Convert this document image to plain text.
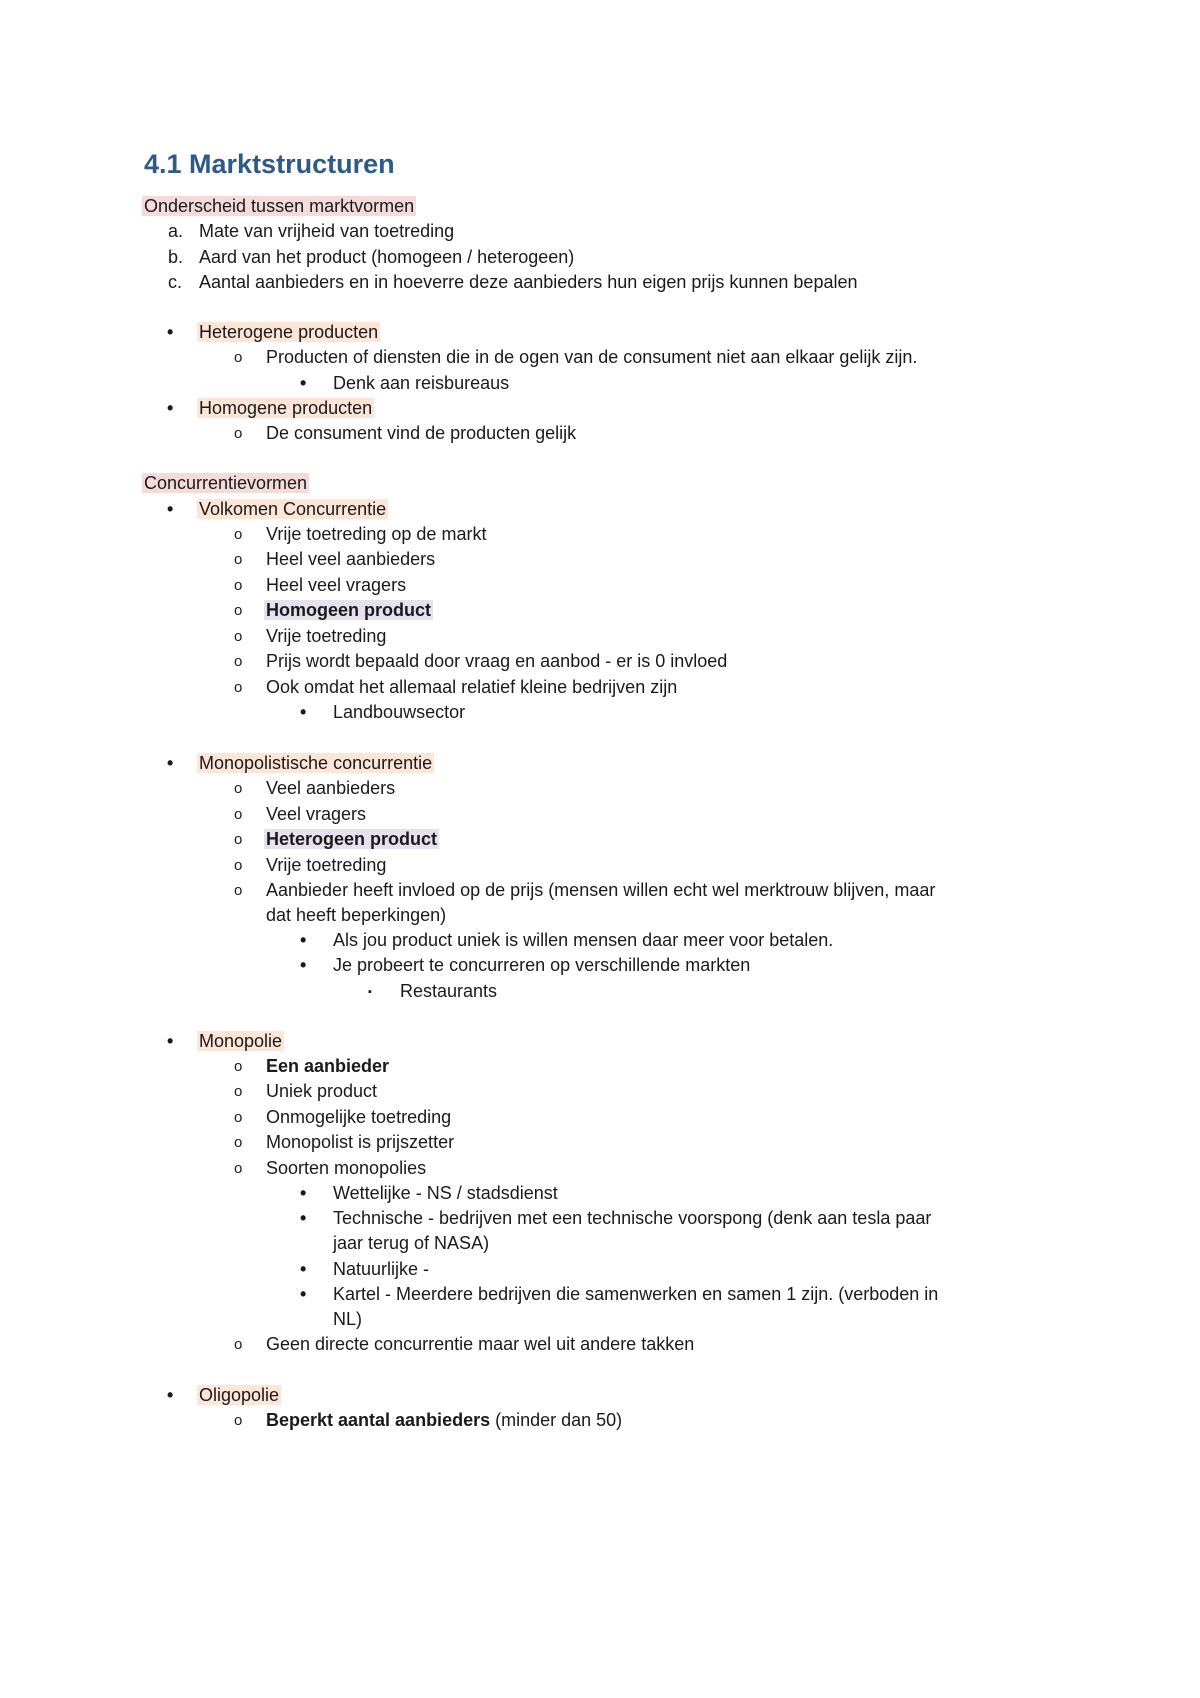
4.1 Marktstructuren
Onderscheid tussen marktvormen
a. Mate van vrijheid van toetreding
b. Aard van het product (homogeen / heterogeen)
c. Aantal aanbieders en in hoeverre deze aanbieders hun eigen prijs kunnen bepalen
• Heterogene producten
o Producten of diensten die in de ogen van de consument niet aan elkaar gelijk zijn.
• Denk aan reisbureaus
• Homogene producten
o De consument vind de producten gelijk
Concurrentievormen
• Volkomen Concurrentie
o Vrije toetreding op de markt
o Heel veel aanbieders
o Heel veel vragers
o Homogeen product
o Vrije toetreding
o Prijs wordt bepaald door vraag en aanbod - er is 0 invloed
o Ook omdat het allemaal relatief kleine bedrijven zijn
• Landbouwsector
• Monopolistische concurrentie
o Veel aanbieders
o Veel vragers
o Heterogeen product
o Vrije toetreding
o Aanbieder heeft invloed op de prijs (mensen willen echt wel merktrouw blijven, maar
dat heeft beperkingen)
• Als jou product uniek is willen mensen daar meer voor betalen.
• Je probeert te concurreren op verschillende markten
▪ Restaurants
• Monopolie
o Een aanbieder
o Uniek product
o Onmogelijke toetreding
o Monopolist is prijszetter
o Soorten monopolies
• Wettelijke - NS / stadsdienst
• Technische - bedrijven met een technische voorspong (denk aan tesla paar
jaar terug of NASA)
• Natuurlijke -
• Kartel - Meerdere bedrijven die samenwerken en samen 1 zijn. (verboden in
NL)
o Geen directe concurrentie maar wel uit andere takken
• Oligopolie
o Beperkt aantal aanbieders (minder dan 50)
